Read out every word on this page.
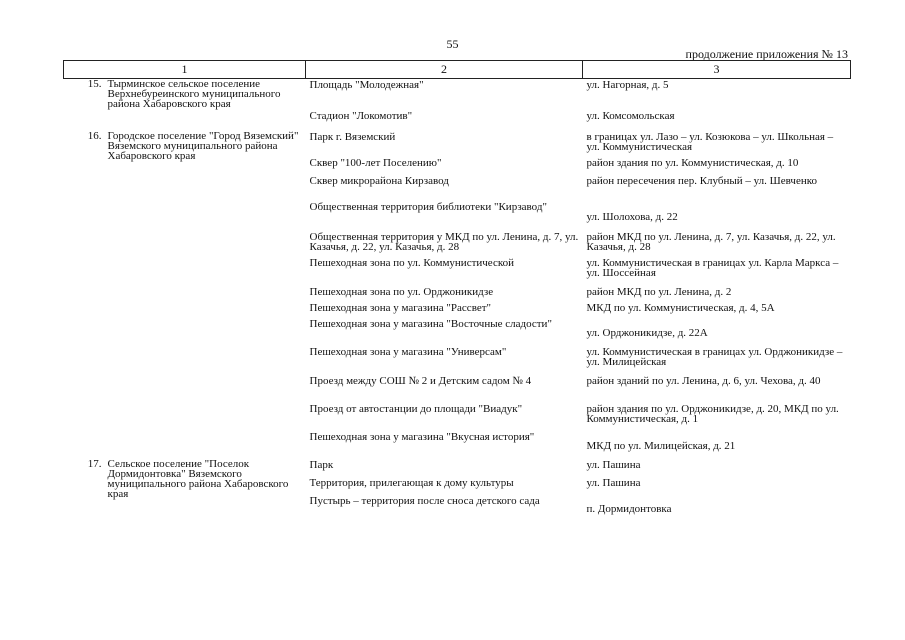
55
продолжение приложения № 13
1	2	3

15. Тырминское сельское поселение Верхнебуреинского муниципального района Хабаровского края	Площадь "Молодежная"	ул. Нагорная, д. 5

	Стадион "Локомотив"	ул. Комсомольская

16. Городское поселение "Город Вяземский" Вяземского муниципального района Хабаровского края	Парк г. Вяземский	в границах ул. Лазо – ул. Козюкова – ул. Школьная – ул. Коммунистическая

	Сквер "100-лет Поселению"	район здания по ул. Коммунистическая, д. 10

	Сквер микрорайона Кирзавод	район пересечения пер. Клубный – ул. Шевченко

	Общественная территория библиотеки "Кирзавод"	ул. Шолохова, д. 22

	Общественная территория у МКД по ул. Ленина, д. 7, ул. Казачья, д. 22, ул. Казачья, д. 28	район МКД по ул. Ленина, д. 7, ул. Казачья, д. 22, ул. Казачья, д. 28

	Пешеходная зона по ул. Коммунистической	ул. Коммунистическая в границах ул. Карла Маркса – ул. Шоссейная

	Пешеходная зона по ул. Орджоникидзе	район МКД по ул. Ленина, д. 2

	Пешеходная зона у магазина "Рассвет"	МКД по ул. Коммунистическая, д. 4, 5А

	Пешеходная зона у магазина "Восточные сладости"	ул. Орджоникидзе, д. 22А

	Пешеходная зона у магазина "Универсам"	ул. Коммунистическая в границах ул. Орджоникидзе – ул. Милицейская

	Проезд между СОШ № 2 и Детским садом № 4	район зданий по ул. Ленина, д. 6, ул. Чехова, д. 40

	Проезд от автостанции до площади "Виадук"	район здания по ул. Орджоникидзе, д. 20, МКД по ул. Коммунистическая, д. 1

	Пешеходная зона у магазина "Вкусная история"	МКД по ул. Милицейская, д. 21

17. Сельское поселение "Поселок Дормидонтовка" Вяземского муниципального района Хабаровского края	Парк	ул. Пашина

	Территория, прилегающая к дому культуры	ул. Пашина

	Пустырь – территория после сноса детского сада	п. Дормидонтовка
